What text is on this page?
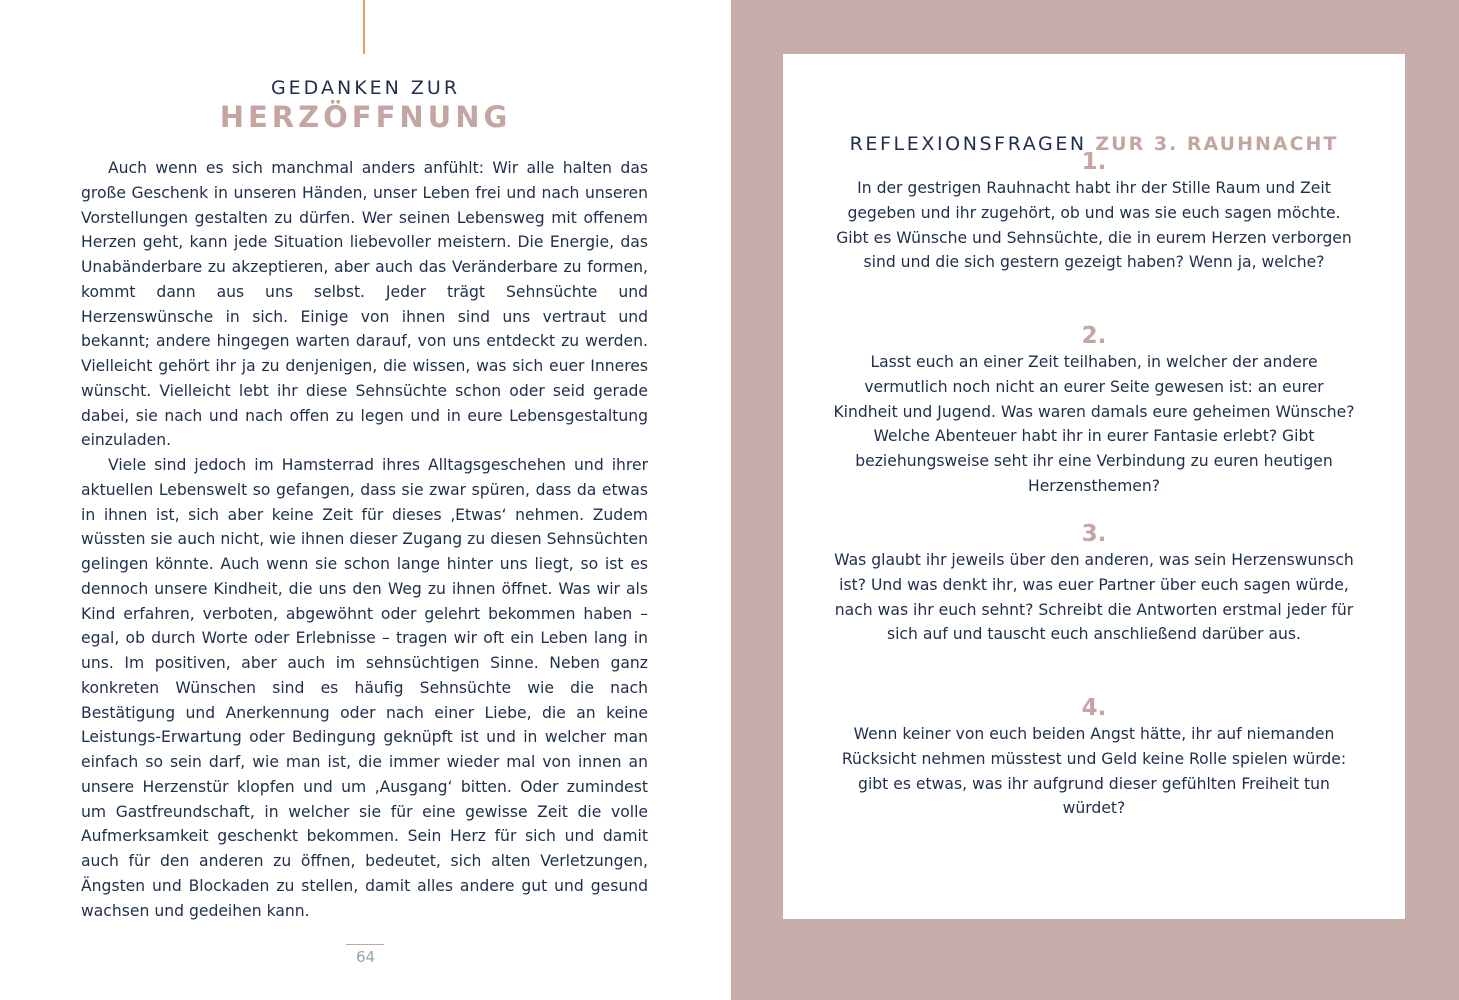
GEDANKEN ZUR
HERZÖFFNUNG

Auch wenn es sich manchmal anders anfühlt: Wir alle halten das große Geschenk in unseren Händen, unser Leben frei und nach unseren Vorstellungen gestalten zu dürfen. Wer seinen Lebensweg mit offenem Herzen geht, kann jede Situation liebevoller meistern. Die Energie, das Unabänderbare zu akzeptieren, aber auch das Veränderbare zu formen, kommt dann aus uns selbst. Jeder trägt Sehnsüchte und Herzenswünsche in sich. Einige von ihnen sind uns vertraut und bekannt; andere hingegen warten darauf, von uns entdeckt zu werden. Vielleicht gehört ihr ja zu denjenigen, die wissen, was sich euer Inneres wünscht. Vielleicht lebt ihr diese Sehnsüchte schon oder seid gerade dabei, sie nach und nach offen zu legen und in eure Lebensgestaltung einzuladen.

Viele sind jedoch im Hamsterrad ihres Alltagsgeschehen und ihrer aktuellen Lebenswelt so gefangen, dass sie zwar spüren, dass da etwas in ihnen ist, sich aber keine Zeit für dieses ‚Etwas‘ nehmen. Zudem wüssten sie auch nicht, wie ihnen dieser Zugang zu diesen Sehnsüchten gelingen könnte. Auch wenn sie schon lange hinter uns liegt, so ist es dennoch unsere Kindheit, die uns den Weg zu ihnen öffnet. Was wir als Kind erfahren, verboten, abgewöhnt oder gelehrt bekommen haben – egal, ob durch Worte oder Erlebnisse – tragen wir oft ein Leben lang in uns. Im positiven, aber auch im sehnsüchtigen Sinne. Neben ganz konkreten Wünschen sind es häufig Sehnsüchte wie die nach Bestätigung und Anerkennung oder nach einer Liebe, die an keine Leistungs-Erwartung oder Bedingung geknüpft ist und in welcher man einfach so sein darf, wie man ist, die immer wieder mal von innen an unsere Herzenstür klopfen und um ‚Ausgang‘ bitten. Oder zumindest um Gastfreundschaft, in welcher sie für eine gewisse Zeit die volle Aufmerksamkeit geschenkt bekommen. Sein Herz für sich und damit auch für den anderen zu öffnen, bedeutet, sich alten Verletzungen, Ängsten und Blockaden zu stellen, damit alles andere gut und gesund wachsen und gedeihen kann.

64
REFLEXIONSFRAGEN ZUR 3. RAUHNACHT
1.
In der gestrigen Rauhnacht habt ihr der Stille Raum und Zeit gegeben und ihr zugehört, ob und was sie euch sagen möchte. Gibt es Wünsche und Sehnsüchte, die in eurem Herzen verborgen sind und die sich gestern gezeigt haben? Wenn ja, welche?
2.
Lasst euch an einer Zeit teilhaben, in welcher der andere vermutlich noch nicht an eurer Seite gewesen ist: an eurer Kindheit und Jugend. Was waren damals eure geheimen Wünsche? Welche Abenteuer habt ihr in eurer Fantasie erlebt? Gibt beziehungsweise seht ihr eine Verbindung zu euren heutigen Herzensthemen?
3.
Was glaubt ihr jeweils über den anderen, was sein Herzenswunsch ist? Und was denkt ihr, was euer Partner über euch sagen würde, nach was ihr euch sehnt? Schreibt die Antworten erstmal jeder für sich auf und tauscht euch anschließend darüber aus.
4.
Wenn keiner von euch beiden Angst hätte, ihr auf niemanden Rücksicht nehmen müsstest und Geld keine Rolle spielen würde: gibt es etwas, was ihr aufgrund dieser gefühlten Freiheit tun würdet?
